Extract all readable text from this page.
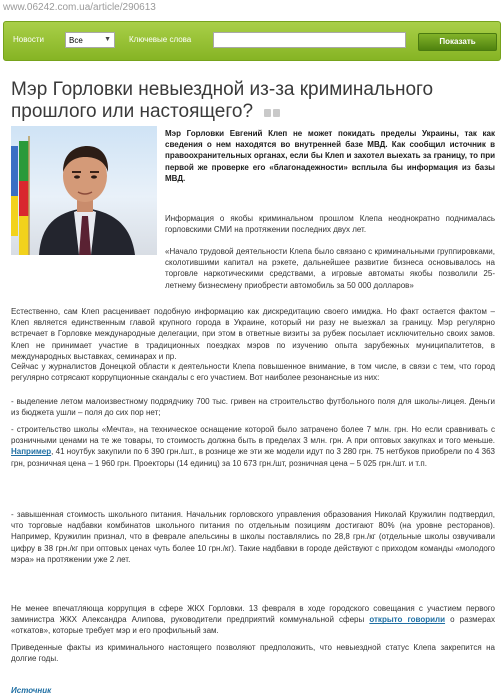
www.06242.com.ua/article/290613
Новости	Все	▼ Ключевые слова	Показать
Мэр Горловки невыездной из-за криминального прошлого или настоящего?
Мэр Горловки Евгений Клеп не может покидать пределы Украины, так как сведения о нем находятся во внутренней базе МВД. Как сообщил источник в правоохранительных органах, если бы Клеп и захотел выехать за границу, то при первой же проверке его «благонадежности» всплыла бы информация из базы МВД.
Информация о якобы криминальном прошлом Клепа неоднократно поднималась горловскими СМИ на протяжении последних двух лет.
«Начало трудовой деятельности Клепа было связано с криминальными группировками, сколотившими капитал на рэкете, дальнейшее развитие бизнеса основывалось на торговле наркотическими средствами, а игровые автоматы якобы позволили 25-летнему бизнесмену приобрести автомобиль за 50 000 долларов»
Естественно, сам Клеп расценивает подобную информацию как дискредитацию своего имиджа. Но факт остается фактом – Клеп является единственным главой крупного города в Украине, который ни разу не выезжал за границу. Мэр регулярно встречает в Горловке международные делегации, при этом в ответные визиты за рубеж посылает исключительно своих замов. Клеп не принимает участие в традиционных поездках мэров по изучению опыта зарубежных муниципалитетов, в международных выставках, семинарах и пр.
Сейчас у журналистов Донецкой области к деятельности Клепа повышенное внимание, в том числе, в связи с тем, что город регулярно сотрясают коррупционные скандалы с его участием. Вот наиболее резонансные из них:
- выделение летом малоизвестному подрядчику 700 тыс. гривен на строительство футбольного поля для школы-лицея. Деньги из бюджета ушли – поля до сих пор нет;
- строительство школы «Мечта», на техническое оснащение которой было затрачено более 7 млн. грн. Но если сравнивать с розничными ценами на те же товары, то стоимость должна быть в пределах 3 млн. грн. А при оптовых закупках и того меньше. Например, 41 ноутбук закупили по 6 390 грн./шт., в рознице же эти же модели идут по 3 280 грн. 75 нетбуков приобрели по 4 363 грн, розничная цена – 1 960 грн. Проекторы (14 единиц) за 10 673 грн./шт, розничная цена – 5 025 грн./шт. и т.п.
- завышенная стоимость школьного питания. Начальник горловского управления образования Николай Кружилин подтвердил, что торговые надбавки комбинатов школьного питания по отдельным позициям достигают 80% (на уровне ресторанов). Например, Кружилин признал, что в феврале апельсины в школы поставлялись по 28,8 грн./кг (отдельные школы озвучивали цифру в 38 грн./кг при оптовых ценах чуть более 10 грн./кг). Такие надбавки в городе действуют с приходом команды «молодого мэра» на протяжении уже 2 лет.
Не менее впечатляюща коррупция в сфере ЖКХ Горловки. 13 февраля в ходе городского совещания с участием первого заминистра ЖКХ Александра Алипова, руководители предприятий коммунальной сферы открыто говорили о размерах «откатов», которые требует мэр и его профильный зам.
Приведенные факты из криминального настоящего позволяют предположить, что невыездной статус Клепа закрепится на долгие годы.
Источник
